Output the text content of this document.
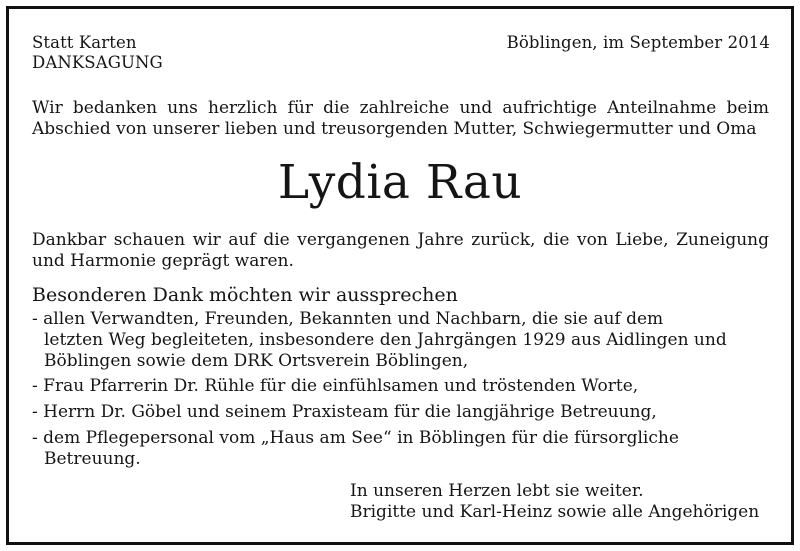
Statt Karten
DANKSAGUNG
Böblingen, im September 2014
Wir bedanken uns herzlich für die zahlreiche und aufrichtige Anteilnahme beim
Abschied von unserer lieben und treusorgenden Mutter, Schwiegermutter und Oma
Lydia Rau
Dankbar schauen wir auf die vergangenen Jahre zurück, die von Liebe, Zuneigung
und Harmonie geprägt waren.
Besonderen Dank möchten wir aussprechen
- allen Verwandten, Freunden, Bekannten und Nachbarn, die sie auf dem
letzten Weg begleiteten, insbesondere den Jahrgängen 1929 aus Aidlingen und
Böblingen sowie dem DRK Ortsverein Böblingen,
- Frau Pfarrerin Dr. Rühle für die einfühlsamen und tröstenden Worte,
- Herrn Dr. Göbel und seinem Praxisteam für die langjährige Betreuung,
- dem Pflegepersonal vom „Haus am See“ in Böblingen für die fürsorgliche
Betreuung.
In unseren Herzen lebt sie weiter.
Brigitte und Karl-Heinz sowie alle Angehörigen
